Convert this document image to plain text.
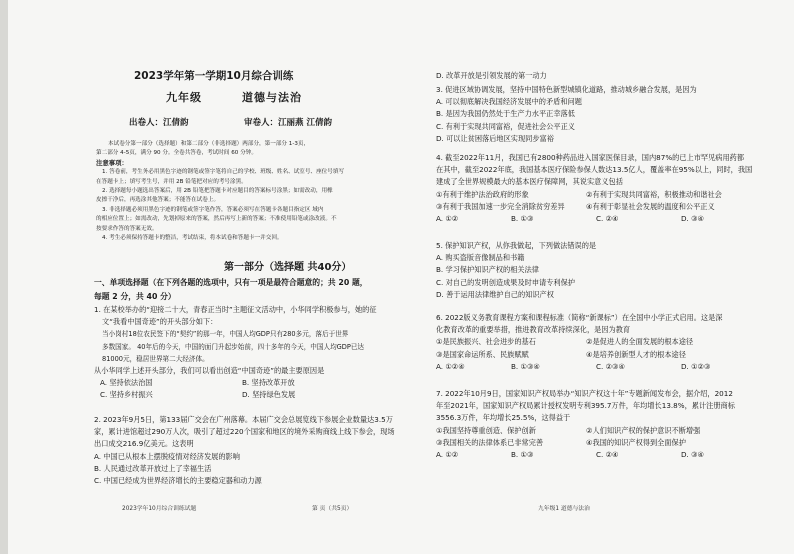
2023学年第一学期10月综合训练
九年级	道德与法治
出卷人：江倩韵	审卷人：江丽燕 江倩韵
本试卷分第一部分（选择题）和第二部分（非选择题）两部分，第一部分 1-3页，
第二部分 4-5页，满分 90 分。全卷共答卷，考试时间 60 分钟。
注意事项：
1. 答卷前，考生务必用黑色字迹的钢笔或签字笔将自己的学校、班级、姓名、试室号、座位号填写
在答题卡上；填写考生号，并用 2B 铅笔把对应的考号涂黑。
2. 选择题每小题选出答案后，用 2B 铅笔把答题卡对应题目的答案标号涂黑；如需改动，用橡
皮擦干净后，再选涂其他答案；不能答在试卷上。
3. 非选择题必须用黑色字迹的钢笔或签字笔作答，答案必须写在答题卡各题目指定区 域内
的相应位置上；如需改动，先划掉原来的答案，然后再写上新的答案；不准使用铅笔或涂改液。不
按要求作答的答案无效。
4. 考生必须保持答题卡的整洁，考试结束，将本试卷和答题卡一并交回。
第一部分（选择题 共40分）
一、单项选择题（在下列各题的选项中，只有一项是最符合题意的；共 20 题，
每题 2 分，共 40 分）
1. 在某校举办的“迎接二十大，青春正当时”主题征文活动中，小华同学积极参与，她的征
文“我看中国奇迹”的开头部分如下：
当小岗村18位农民签下的“契约”的那一年，中国人均GDP只有280多元，落后于世界
多数国家。 40年后的今天，中国的面门升起步始前，四十多年的今天，中国人均GDP已达
81000元，稳居世界第二大经济体。
从小华同学上述开头部分，我们可以看出创造“中国奇迹”的最主要原因是
A. 坚持依法治国	B. 坚持改革开放
C. 坚持乡村振兴	D. 坚持绿色发展
2. 2023年9月5日，第133届广交会在广州落幕。本届广交会总展览线下参展企业数量达3.5万
家，累计进馆超过290万人次，吸引了超过220个国家和地区的境外采购商线上线下参会，现场
出口成交216.9亿美元。这表明
A. 中国已从根本上摆脱疫情对经济发展的影响
B. 人民通过改革开放过上了幸福生活
C. 中国已经成为世界经济增长的主要稳定器和动力源
D. 改革开放是引领发展的第一动力
3. 促进区域协调发展，坚持中国特色新型城镇化道路，推动城乡融合发展，是因为
A. 可以彻底解决我国经济发展中的矛盾和问题
B. 是因为我国仍然处于生产力水平正幸落低
C. 有利于实现共同富裕，促进社会公平正义
D. 可以让贫困落后地区实现同步富裕
4. 截至2022年11月，我国已有2800种药品进入国家医保目录，国内87%的已上市罕见病用药都
在其中，截至2022年底，我国基本医疗保险参保人数达13.5亿人，覆盖率在95%以上，同时，我国
建成了全世界规模最大的基本医疗保障网，其说实意义包括
①有利于维护法治政府的形象	②有利于实现共同富裕，积极推动和谐社会
③有利于我国加速一步完全消除贫穷差异	④有利于彰显社会发展的温度和公平正义
A. ①②	B. ①③	C. ②④	D. ③④
5. 保护知识产权，从你我做起，下列做法错误的是
A. 购买盗版音像制品和书籍
B. 学习保护知识产权的相关法律
C. 对自己的发明创造成果及时申请专利保护
D. 善于运用法律维护自己的知识产权
6. 2022版义务教育课程方案和课程标准（简称“新课标”）在全国中小学正式启用。这是深
化教育改革的重要举措，推进教育改革持续深化，是因为教育
①是民族振兴、社会进步的基石	②是促进人的全面发展的根本途径
③是国家命运所系、民族赋赋	④是培养创新型人才的根本途径
A. ①②④	B. ①③④	C. ②③④	D. ①②③
7. 2022年10月9日，国家知识产权局举办“知识产权这十年”专题新闻发布会，据介绍，2012
年至2021年，国家知识产权局累计授权发明专利395.7万件，年均增长13.8%，累计注册商标
3556.3万件，年均增长25.5%，这得益于
①我国坚持尊重创造、保护创新	②人们知识产权的保护意识不断增强
③我国相关的法律体系已非常完善	④我国的知识产权得到全面保护
A. ①②	B. ①③	C. ②④	D. ③④
2023学年10月综合训练试题	第 页（共5页）	九年级1 道德与法治
